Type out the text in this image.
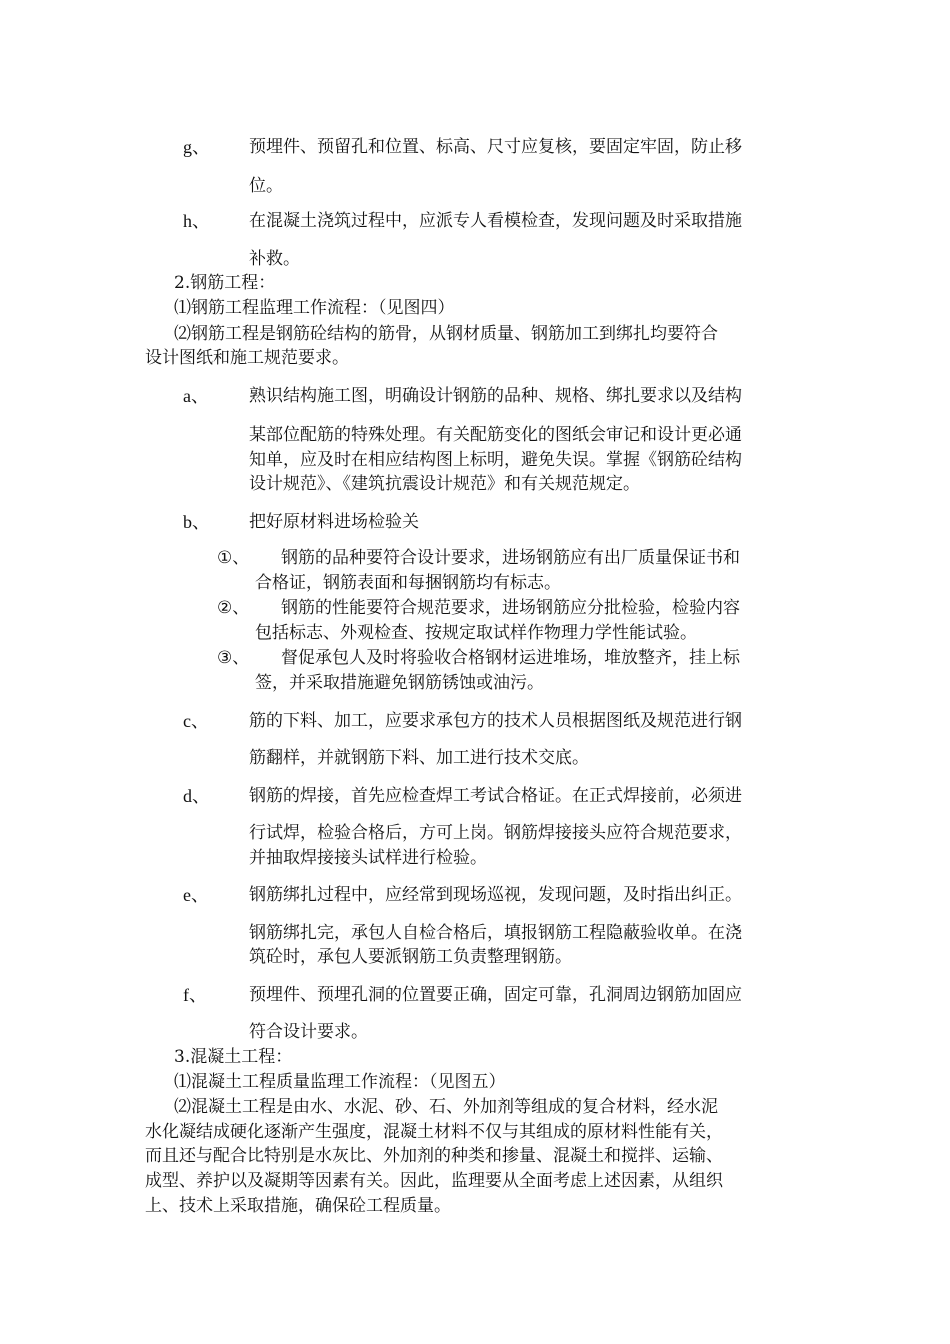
g、 预埋件、预留孔和位置、标高、尺寸应复核，要固定牢固，防止移
位。
h、 在混凝土浇筑过程中，应派专人看模检查，发现问题及时采取措施
补救。
2.钢筋工程：
⑴钢筋工程监理工作流程：（见图四）
⑵钢筋工程是钢筋砼结构的筋骨，从钢材质量、钢筋加工到绑扎均要符合
设计图纸和施工规范要求。
a、 熟识结构施工图，明确设计钢筋的品种、规格、绑扎要求以及结构
某部位配筋的特殊处理。有关配筋变化的图纸会审记和设计更必通
知单，应及时在相应结构图上标明，避免失误。掌握《钢筋砼结构
设计规范》、《建筑抗震设计规范》和有关规范规定。
b、 把好原材料进场检验关
①、 钢筋的品种要符合设计要求，进场钢筋应有出厂质量保证书和
合格证，钢筋表面和每捆钢筋均有标志。
②、 钢筋的性能要符合规范要求，进场钢筋应分批检验，检验内容
包括标志、外观检查、按规定取试样作物理力学性能试验。
③、 督促承包人及时将验收合格钢材运进堆场，堆放整齐，挂上标
签，并采取措施避免钢筋锈蚀或油污。
c、 筋的下料、加工，应要求承包方的技术人员根据图纸及规范进行钢
筋翻样，并就钢筋下料、加工进行技术交底。
d、 钢筋的焊接，首先应检查焊工考试合格证。在正式焊接前，必须进
行试焊，检验合格后，方可上岗。钢筋焊接接头应符合规范要求，
并抽取焊接接头试样进行检验。
e、 钢筋绑扎过程中，应经常到现场巡视，发现问题，及时指出纠正。
钢筋绑扎完，承包人自检合格后，填报钢筋工程隐蔽验收单。在浇
筑砼时，承包人要派钢筋工负责整理钢筋。
f、 预埋件、预埋孔洞的位置要正确，固定可靠，孔洞周边钢筋加固应
符合设计要求。
3.混凝土工程：
⑴混凝土工程质量监理工作流程：（见图五）
⑵混凝土工程是由水、水泥、砂、石、外加剂等组成的复合材料，经水泥
水化凝结成硬化逐渐产生强度，混凝土材料不仅与其组成的原材料性能有关，
而且还与配合比特别是水灰比、外加剂的种类和掺量、混凝土和搅拌、运输、
成型、养护以及凝期等因素有关。因此，监理要从全面考虑上述因素，从组织
上、技术上采取措施，确保砼工程质量。
